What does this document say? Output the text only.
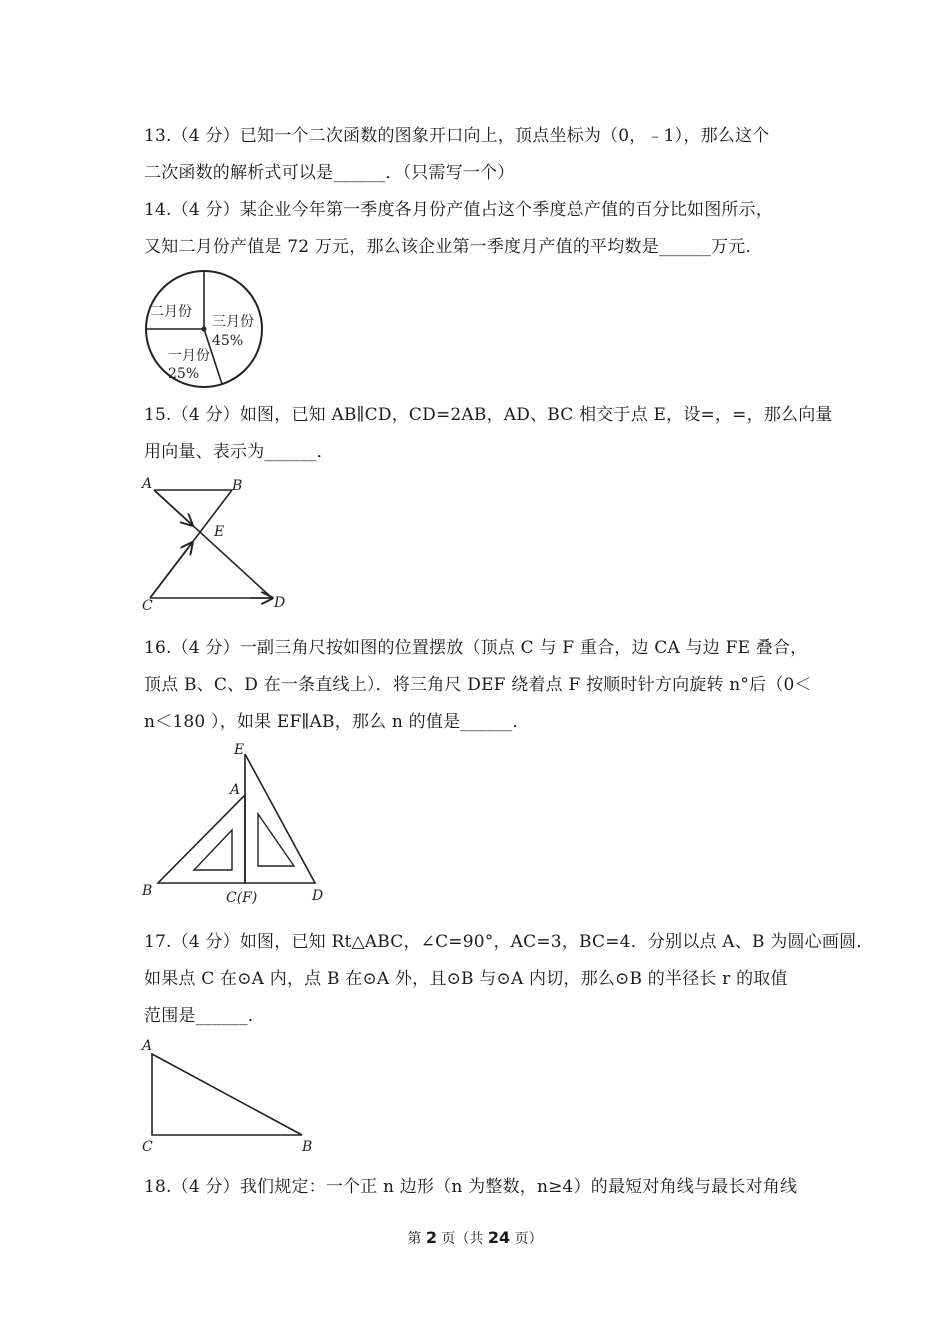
13.（4 分）已知一个二次函数的图象开口向上，顶点坐标为（0，﹣1），那么这个
二次函数的解析式可以是______．（只需写一个）
14.（4 分）某企业今年第一季度各月份产值占这个季度总产值的百分比如图所示，
又知二月份产值是 72 万元，那么该企业第一季度月产值的平均数是______万元．
二月份
三月份
45%
一月份
25%
15.（4 分）如图，已知 AB∥CD，CD=2AB，AD、BC 相交于点 E，设=，=，那么向量
用向量、表示为______．
A	B
E
C	D
16.（4 分）一副三角尺按如图的位置摆放（顶点 C 与 F 重合，边 CA 与边 FE 叠合，
顶点 B、C、D 在一条直线上）．将三角尺 DEF 绕着点 F 按顺时针方向旋转 n°后（0＜
n＜180 ），如果 EF∥AB，那么 n 的值是______．
E
A
B	C(F)	D
17.（4 分）如图，已知 Rt△ABC，∠C=90°，AC=3，BC=4．分别以点 A、B 为圆心画圆．
如果点 C 在⊙A 内，点 B 在⊙A 外，且⊙B 与⊙A 内切，那么⊙B 的半径长 r 的取值
范围是______．
A
C	B
18.（4 分）我们规定：一个正 n 边形（n 为整数，n≥4）的最短对角线与最长对角线
第 2 页（共 24 页）
